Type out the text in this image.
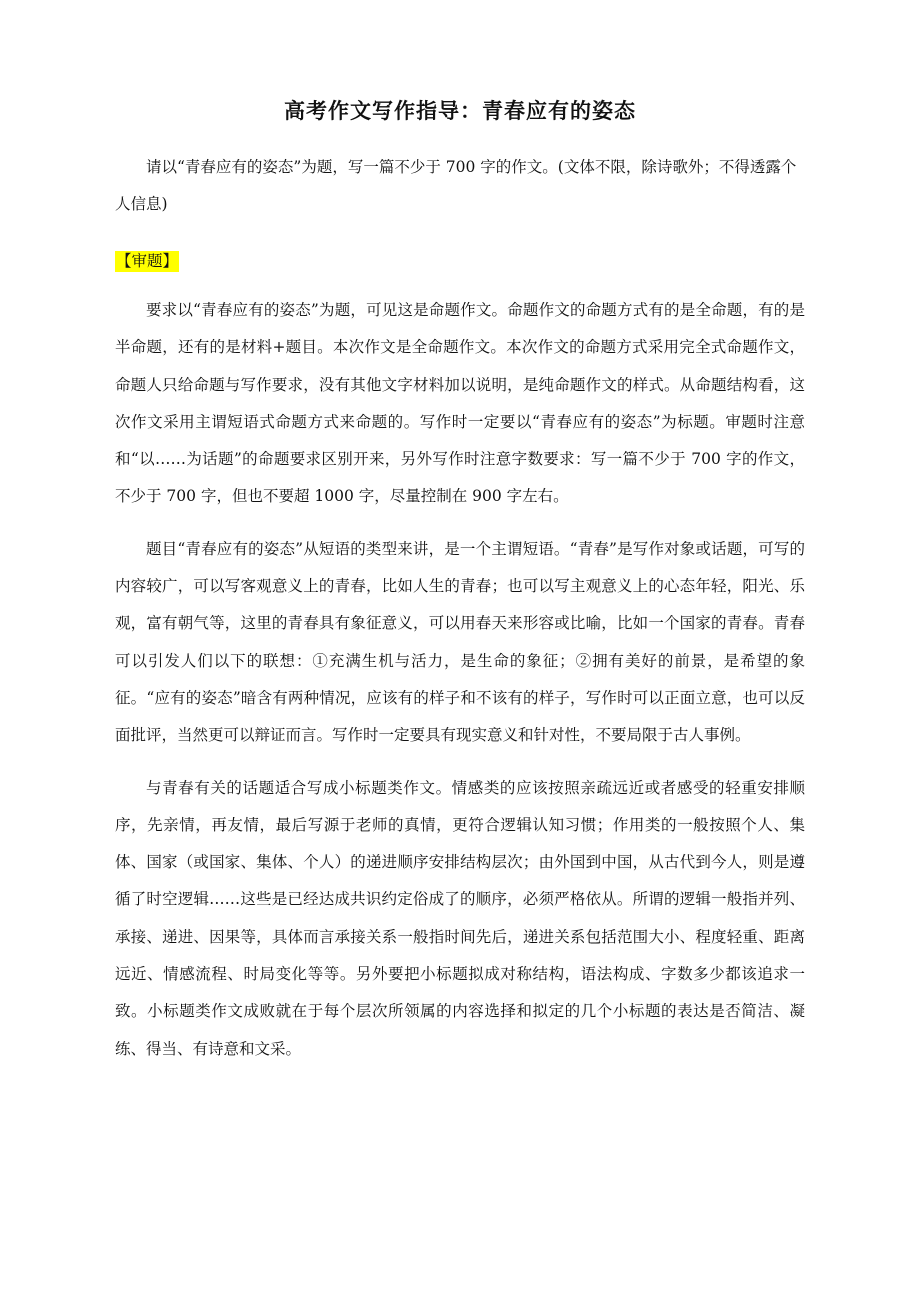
高考作文写作指导：青春应有的姿态

请以“青春应有的姿态”为题，写一篇不少于 700 字的作文。(文体不限，除诗歌外；不得透露个人信息)

【审题】

要求以“青春应有的姿态”为题，可见这是命题作文。命题作文的命题方式有的是全命题，有的是半命题，还有的是材料+题目。本次作文是全命题作文。本次作文的命题方式采用完全式命题作文，命题人只给命题与写作要求，没有其他文字材料加以说明，是纯命题作文的样式。从命题结构看，这次作文采用主谓短语式命题方式来命题的。写作时一定要以“青春应有的姿态”为标题。审题时注意和“以……为话题”的命题要求区别开来，另外写作时注意字数要求：写一篇不少于 700 字的作文，不少于 700 字，但也不要超 1000 字，尽量控制在 900 字左右。

题目“青春应有的姿态”从短语的类型来讲，是一个主谓短语。“青春”是写作对象或话题，可写的内容较广，可以写客观意义上的青春，比如人生的青春；也可以写主观意义上的心态年轻，阳光、乐观，富有朝气等，这里的青春具有象征意义，可以用春天来形容或比喻，比如一个国家的青春。青春可以引发人们以下的联想：①充满生机与活力，是生命的象征；②拥有美好的前景，是希望的象征。“应有的姿态”暗含有两种情况，应该有的样子和不该有的样子，写作时可以正面立意，也可以反面批评，当然更可以辩证而言。写作时一定要具有现实意义和针对性，不要局限于古人事例。

与青春有关的话题适合写成小标题类作文。情感类的应该按照亲疏远近或者感受的轻重安排顺序，先亲情，再友情，最后写源于老师的真情，更符合逻辑认知习惯；作用类的一般按照个人、集体、国家（或国家、集体、个人）的递进顺序安排结构层次；由外国到中国，从古代到今人，则是遵循了时空逻辑……这些是已经达成共识约定俗成了的顺序，必须严格依从。所谓的逻辑一般指并列、承接、递进、因果等，具体而言承接关系一般指时间先后，递进关系包括范围大小、程度轻重、距离远近、情感流程、时局变化等等。另外要把小标题拟成对称结构，语法构成、字数多少都该追求一致。小标题类作文成败就在于每个层次所领属的内容选择和拟定的几个小标题的表达是否简洁、凝练、得当、有诗意和文采。
